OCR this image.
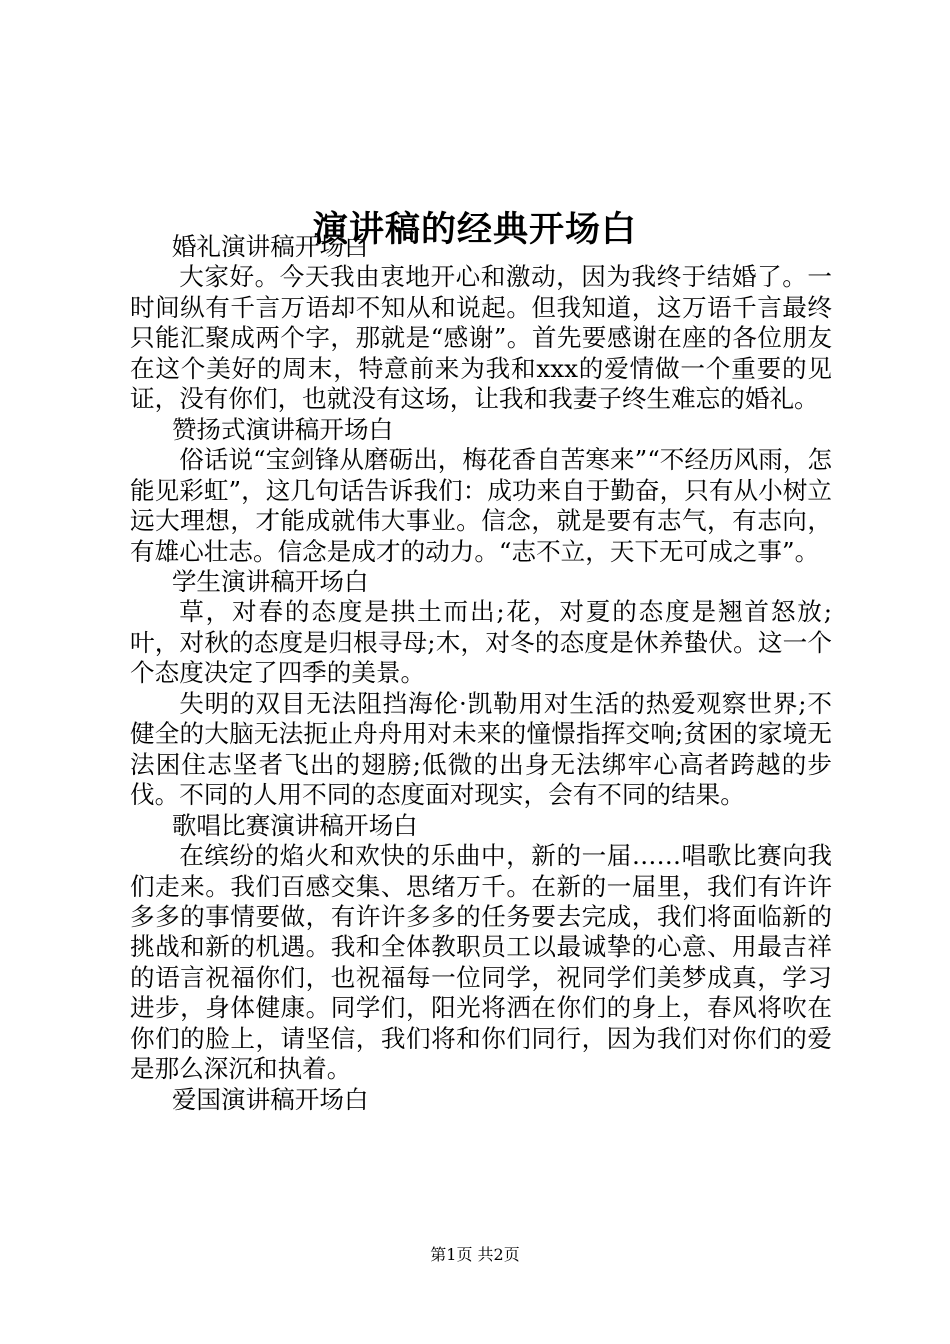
演讲稿的经典开场白

婚礼演讲稿开场白

大家好。今天我由衷地开心和激动，因为我终于结婚了。一时间纵有千言万语却不知从和说起。但我知道，这万语千言最终只能汇聚成两个字，那就是“感谢”。首先要感谢在座的各位朋友在这个美好的周末，特意前来为我和xxx的爱情做一个重要的见证，没有你们，也就没有这场，让我和我妻子终生难忘的婚礼。

赞扬式演讲稿开场白

俗话说“宝剑锋从磨砺出，梅花香自苦寒来”“不经历风雨，怎能见彩虹”，这几句话告诉我们：成功来自于勤奋，只有从小树立远大理想，才能成就伟大事业。信念，就是要有志气，有志向，有雄心壮志。信念是成才的动力。“志不立，天下无可成之事”。

学生演讲稿开场白

草，对春的态度是拱土而出;花，对夏的态度是翘首怒放;叶，对秋的态度是归根寻母;木，对冬的态度是休养蛰伏。这一个个态度决定了四季的美景。

失明的双目无法阻挡海伦·凯勒用对生活的热爱观察世界;不健全的大脑无法扼止舟舟用对未来的憧憬指挥交响;贫困的家境无法困住志坚者飞出的翅膀;低微的出身无法绑牢心高者跨越的步伐。不同的人用不同的态度面对现实，会有不同的结果。

歌唱比赛演讲稿开场白

在缤纷的焰火和欢快的乐曲中，新的一届……唱歌比赛向我们走来。我们百感交集、思绪万千。在新的一届里，我们有许许多多的事情要做，有许许多多的任务要去完成，我们将面临新的挑战和新的机遇。我和全体教职员工以最诚挚的心意、用最吉祥的语言祝福你们，也祝福每一位同学，祝同学们美梦成真，学习进步，身体健康。同学们，阳光将洒在你们的身上，春风将吹在你们的脸上，请坚信，我们将和你们同行，因为我们对你们的爱是那么深沉和执着。

爱国演讲稿开场白

第1页 共2页
